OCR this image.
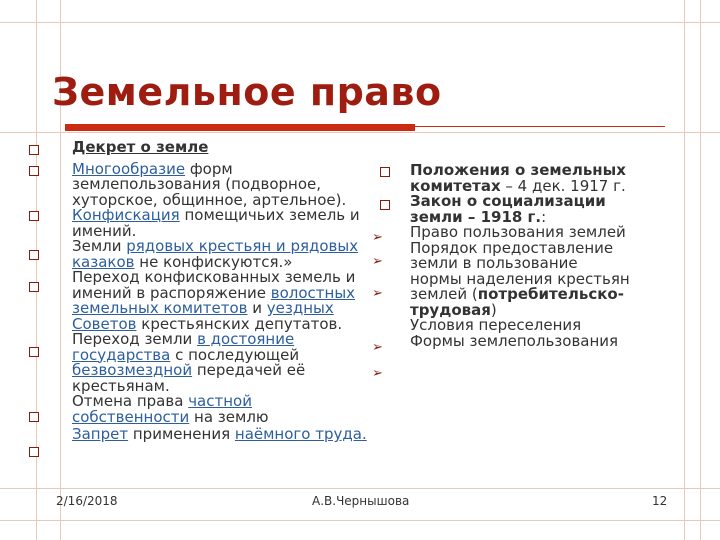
Земельное право
Декрет о земле
Многообразие форм
землепользования (подворное,
хуторское, общинное, артельное).
Конфискация помещичьих земель и
имений.
Земли рядовых крестьян и рядовых
казаков не конфискуются.»
Переход конфискованных земель и
имений в распоряжение волостных
земельных комитетов и уездных
Советов крестьянских депутатов.
Переход земли в достояние
государства с последующей
безвозмездной передачей её
крестьянам.
Отмена права частной
собственности на землю
Запрет применения наёмного труда.
➢
➢
➢
➢
➢
Положения о земельных
комитетах – 4 дек. 1917 г.
Закон о социализации
земли – 1918 г.:
Право пользования землей
Порядок предоставление
земли в пользование
нормы наделения крестьян
землей (потребительско-
трудовая)
Условия переселения
Формы землепользования
2/16/2018	А.В.Чернышова	12
